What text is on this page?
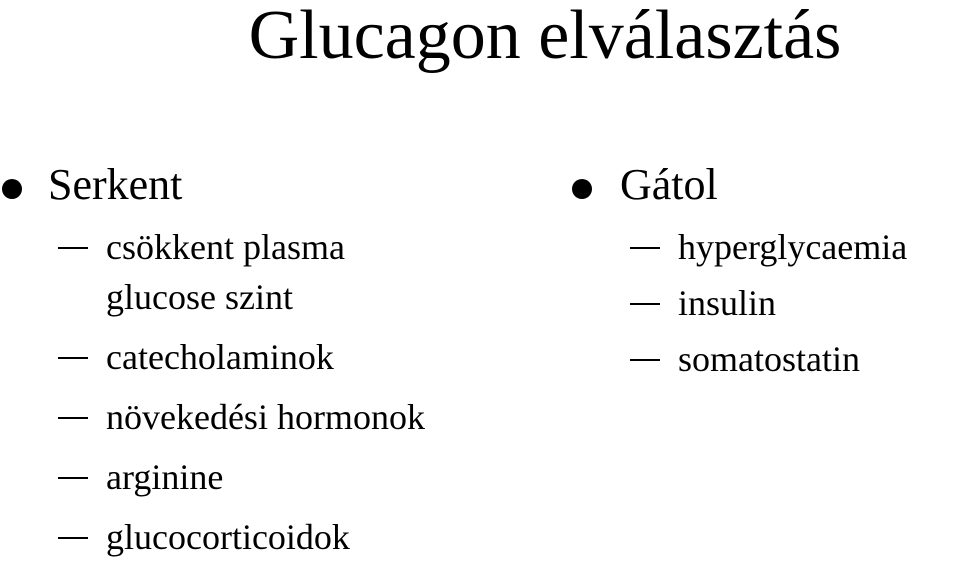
Glucagon elválasztás
Serkent
csökkent plasma
glucose szint
catecholaminok
növekedési hormonok
arginine
glucocorticoidok
Gátol
hyperglycaemia
insulin
somatostatin
